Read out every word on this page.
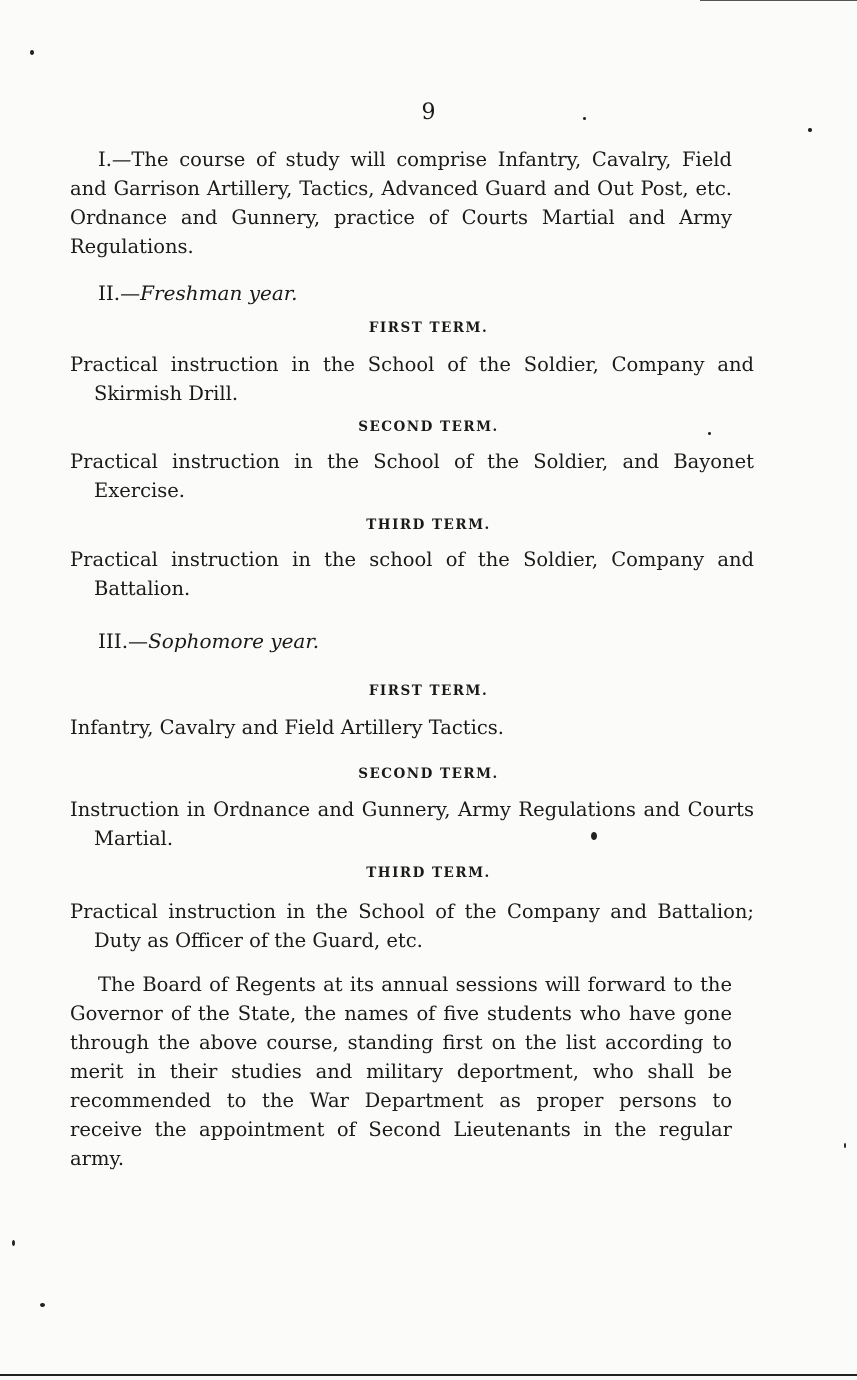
9
I.—The course of study will comprise Infantry, Cavalry, Field and Garrison Artillery, Tactics, Advanced Guard and Out Post, etc. Ordnance and Gunnery, practice of Courts Martial and Army Regulations.
II.—Freshman year.
FIRST TERM.
Practical instruction in the School of the Soldier, Company and Skirmish Drill.
SECOND TERM.
Practical instruction in the School of the Soldier, and Bayonet Exercise.
THIRD TERM.
Practical instruction in the school of the Soldier, Company and Battalion.
III.—Sophomore year.
FIRST TERM.
Infantry, Cavalry and Field Artillery Tactics.
SECOND TERM.
Instruction in Ordnance and Gunnery, Army Regulations and Courts Martial.
THIRD TERM.
Practical instruction in the School of the Company and Battalion; Duty as Officer of the Guard, etc.
The Board of Regents at its annual sessions will forward to the Governor of the State, the names of five students who have gone through the above course, standing first on the list according to merit in their studies and military deportment, who shall be recommended to the War Department as proper persons to receive the appointment of Second Lieutenants in the regular army.
